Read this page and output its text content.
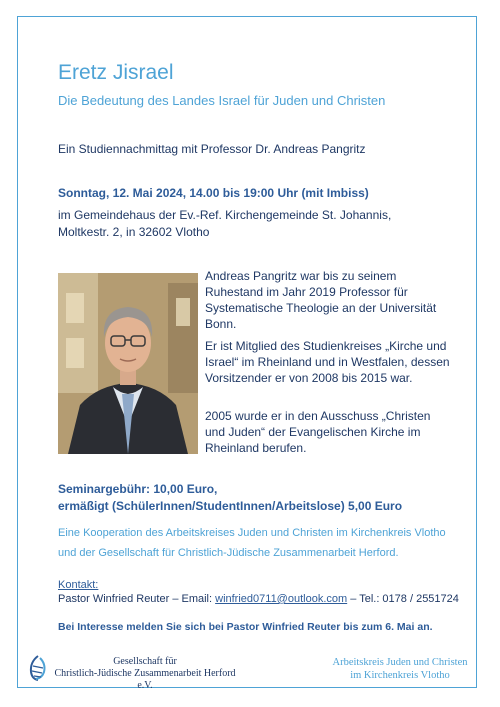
Eretz Jisrael

Die Bedeutung des Landes Israel für Juden und Christen

Ein Studiennachmittag mit Professor Dr. Andreas Pangritz

Sonntag, 12. Mai 2024, 14.00 bis 19:00 Uhr (mit Imbiss)

im Gemeindehaus der Ev.-Ref. Kirchengemeinde St. Johannis,
Moltkestr. 2, in 32602 Vlotho

Andreas Pangritz war bis zu seinem Ruhestand im Jahr 2019 Professor für Systematische Theologie an der Universität Bonn.

Er ist Mitglied des Studienkreises „Kirche und Israel“ im Rheinland und in Westfalen, dessen Vorsitzender er von 2008 bis 2015 war.

2005 wurde er in den Ausschuss „Christen und Juden“ der Evangelischen Kirche im Rheinland berufen.

Seminargebühr: 10,00 Euro,
ermäßigt (SchülerInnen/StudentInnen/Arbeitslose) 5,00 Euro

Eine Kooperation des Arbeitskreises Juden und Christen im Kirchenkreis Vlotho

und der Gesellschaft für Christlich-Jüdische Zusammenarbeit Herford.

Kontakt:

Pastor Winfried Reuter – Email: winfried0711@outlook.com – Tel.: 0178 / 2551724

Bei Interesse melden Sie sich bei Pastor Winfried Reuter bis zum 6. Mai an.

Gesellschaft für
Christlich-Jüdische Zusammenarbeit Herford e.V.
Arbeitskreis Juden und Christen
im Kirchenkreis Vlotho
